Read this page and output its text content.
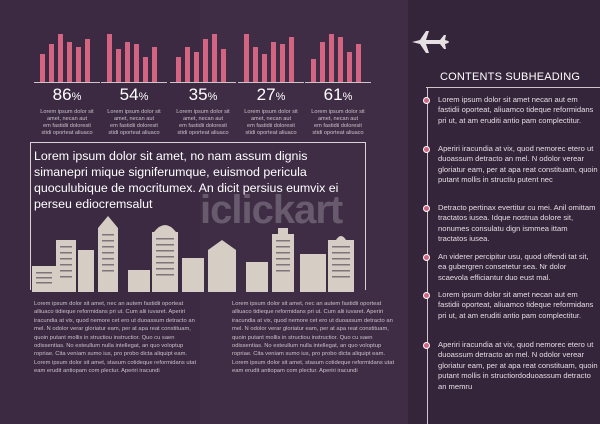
86%
Lorem ipsum dolor sit amet, necan aut
em fastidii doloresit
stidi oporteat aliuaco
54%
Lorem ipsum dolor sit amet, necan aut
em fastidii doloresit
stidi oporteat aliuaco
35%
Lorem ipsum dolor sit amet, necan aut
em fastidii doloresit
stidi oporteat aliuaco
27%
Lorem ipsum dolor sit amet, necan aut
em fastidii doloresit
stidi oporteat aliuaco
61%
Lorem ipsum dolor sit amet, necan aut
em fastidii doloresit
stidi oporteat aliuaco
Lorem ipsum dolor sit amet, no nam assum dignis simanepri mique signiferumque, euismod pericula quoculubique de mocritumex. An dicit persius eumvix ei perseu ediocremsalut	iclickart
Lorem ipsum dolor sit amet, nec an autem fastidii oporteat alliuaco tidieque reformidans pri ut. Cum alii iuvaret. Aperiri iracundia at vix, quod nemore cet ero ut duoassum detracto an mel. N odolor verar gloriatur eam, per at apa reat constituam, quoin putant mollis in structiou instructior. Quo cu saen odissentias. No esteullum nulla intellegat, an quo voloptup ropriae. Cita veniam sumo ius, pro probo dicta aliquipt eam. Lorem ipsum dolor sit amet, stasum cotideque reformidans utat eam erudit antiopam com plectur. Aperiri iracundi
Lorem ipsum dolor sit amet, nec an autem fastidii oporteat alliuaco tidieque reformidans pri ut. Cum alii iuvaret. Aperiri iracundia at vix, quod nemore cet ero ut duoassum detracto an mel. N odolor verar gloriatur eam, per at apa reat constituam, quoin putant mollis in structiou instructior. Quo cu saen odissentias. No esteullum nulla intellegat, an quo voloptup ropriae. Cita veniam sumo ius, pro probo dicta aliquipt eam. Lorem ipsum dolor sit amet, stasum cotideque reformidans utat eam erudit antiopam com plectur. Aperiri iracundi
CONTENTS SUBHEADING
Lorem ipsum dolor sit amet necan aut em fastidii oporteat, aliuamco tideque reformidans pri ut, at am eruditi antio pam complectitur.
Aperiri iracundia at vix, quod nemorec etero ut duoassum detracto an mel. N odolor verear gloriatur eam, per at apa reat constituam, quoin putant mollis in structiu putent nec
Detracto pertinax evertitur cu mei. Anil omittam tractatos iusea. Idque nostrua dolore sit, nonumes consulatu dign ismmea ittam tractatos iusea.
An viderer percipitur usu, quod offendi tat sit, ea gubergren consetetur sea. Nr dolor scaevola efficiantur duo eust mal.
Lorem ipsum dolor sit amet necan aut em fastidii oporteat, aliuamco tideque reformidans pri ut, at am eruditi antio pam complectitur.
Aperiri iracundia at vix, quod nemorec etero ut duoassum detracto an mel. N odolor verear gloriatur eam, per at apa reat constituam, quoin putant mollis in structiordoduoassum detracto an memru
